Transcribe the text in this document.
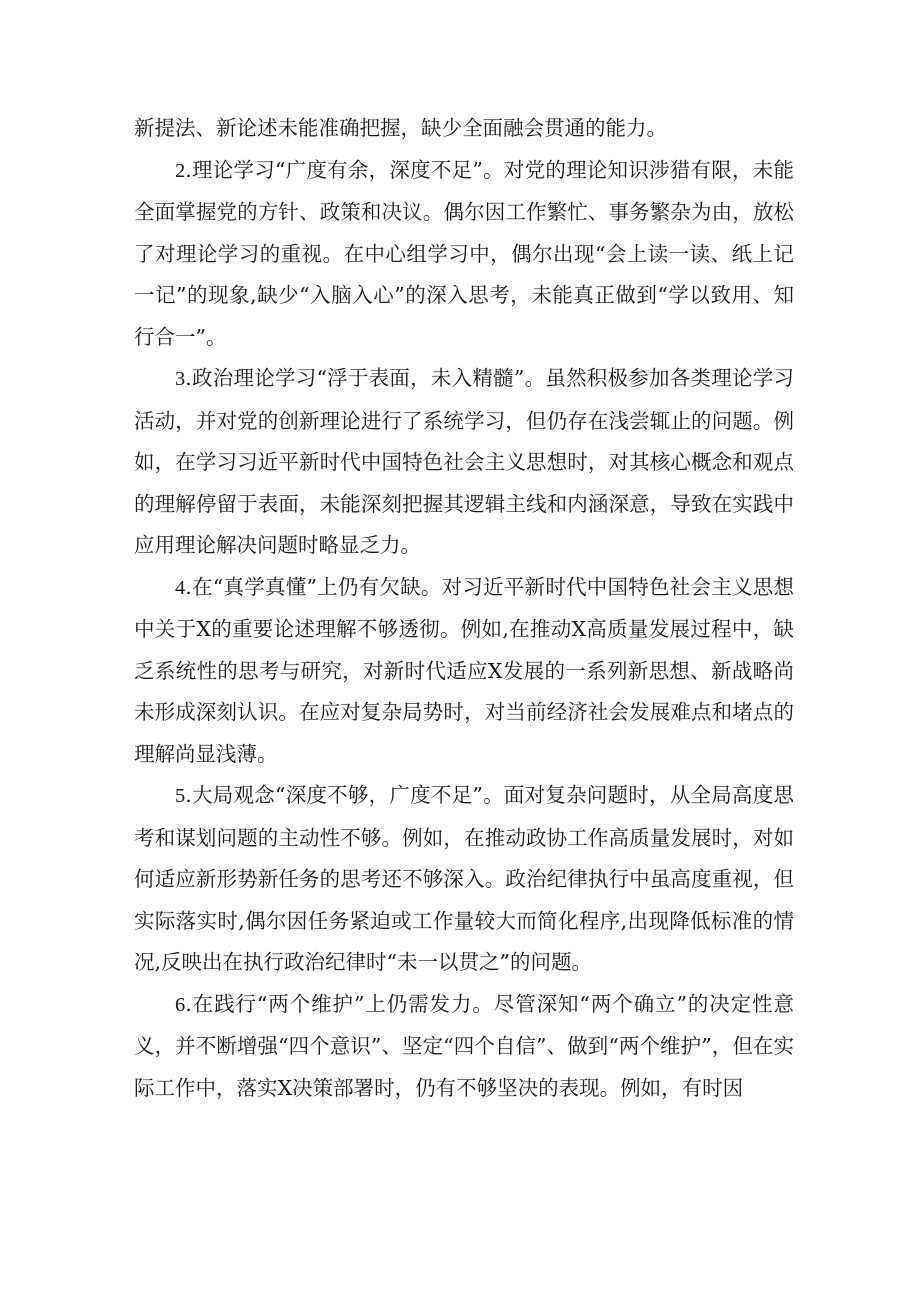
新提法、新论述未能准确把握，缺少全面融会贯通的能力。

2.理论学习“广度有余，深度不足”。对党的理论知识涉猎有限，未能全面掌握党的方针、政策和决议。偶尔因工作繁忙、事务繁杂为由，放松了对理论学习的重视。在中心组学习中，偶尔出现“会上读一读、纸上记一记”的现象,缺少“入脑入心”的深入思考，未能真正做到“学以致用、知行合一”。

3.政治理论学习“浮于表面，未入精髓”。虽然积极参加各类理论学习活动，并对党的创新理论进行了系统学习，但仍存在浅尝辄止的问题。例如，在学习习近平新时代中国特色社会主义思想时，对其核心概念和观点的理解停留于表面，未能深刻把握其逻辑主线和内涵深意，导致在实践中应用理论解决问题时略显乏力。

4.在“真学真懂”上仍有欠缺。对习近平新时代中国特色社会主义思想中关于X的重要论述理解不够透彻。例如,在推动X高质量发展过程中，缺乏系统性的思考与研究，对新时代适应X发展的一系列新思想、新战略尚未形成深刻认识。在应对复杂局势时，对当前经济社会发展难点和堵点的理解尚显浅薄。

5.大局观念“深度不够，广度不足”。面对复杂问题时，从全局高度思考和谋划问题的主动性不够。例如，在推动政协工作高质量发展时，对如何适应新形势新任务的思考还不够深入。政治纪律执行中虽高度重视，但实际落实时,偶尔因任务紧迫或工作量较大而简化程序,出现降低标准的情况,反映出在执行政治纪律时“未一以贯之”的问题。

6.在践行“两个维护”上仍需发力。尽管深知“两个确立”的决定性意义，并不断增强“四个意识”、坚定“四个自信”、做到“两个维护”，但在实际工作中，落实X决策部署时，仍有不够坚决的表现。例如，有时因
